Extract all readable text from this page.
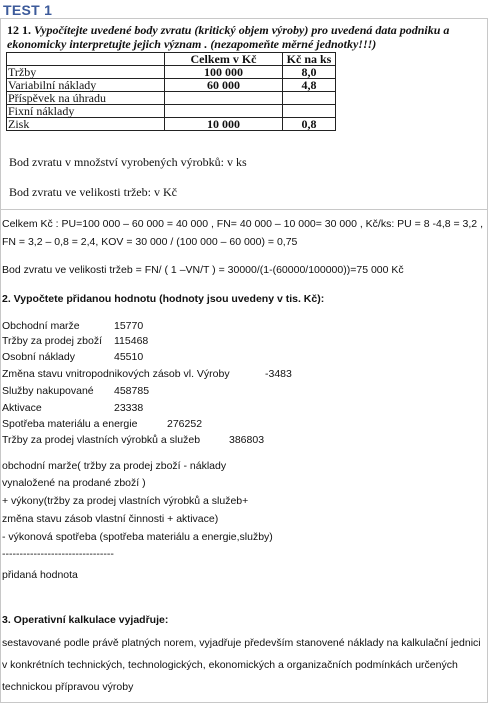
TEST 1
12 1. Vypočítejte uvedené body zvratu (kritický objem výroby) pro uvedená data podniku a ekonomicky interpretujte jejich význam . (nezapomeňte měrné jednotky!!!)
	Celkem v Kč	Kč na ks
Tržby	100 000	8,0
Variabilní náklady	60 000	4,8
Příspěvek na úhradu		
Fixní náklady		
Zisk	10 000	0,8
Bod zvratu v množství vyrobených výrobků: v ks
Bod zvratu ve velikosti tržeb: v Kč
Celkem Kč : PU=100 000 – 60 000 = 40 000 , FN= 40 000 – 10 000= 30 000 , Kč/ks: PU = 8 -4,8 = 3,2 ,
FN = 3,2 – 0,8 = 2,4, KOV = 30 000 / (100 000 – 60 000) = 0,75
Bod zvratu ve velikosti tržeb = FN/ ( 1 –VN/T ) = 30000/(1-(60000/100000))=75 000 Kč
2. Vypočtete přidanou hodnotu (hodnoty jsou uvedeny v tis. Kč):
Obchodní marže	15770
Tržby za prodej zboží 115468
Osobní náklady	45510
Změna stavu vnitropodnikových zásob vl. Výroby	-3483
Služby nakupované 458785
Aktivace	23338
Spotřeba materiálu a energie	276252
Tržby za prodej vlastních výrobků a služeb	386803
obchodní marže( tržby za prodej zboží - náklady
vynaložené na prodané zboží )
+ výkony(tržby za prodej vlastních výrobků a služeb+
změna stavu zásob vlastní činnosti + aktivace)
- výkonová spotřeba (spotřeba materiálu a energie,služby)
--------------------------------
přidaná hodnota
3. Operativní kalkulace vyjadřuje:
sestavované podle právě platných norem, vyjadřuje především stanovené náklady na kalkulační jednici
v konkrétních technických, technologických, ekonomických a organizačních podmínkách určených
technickou přípravou výroby
